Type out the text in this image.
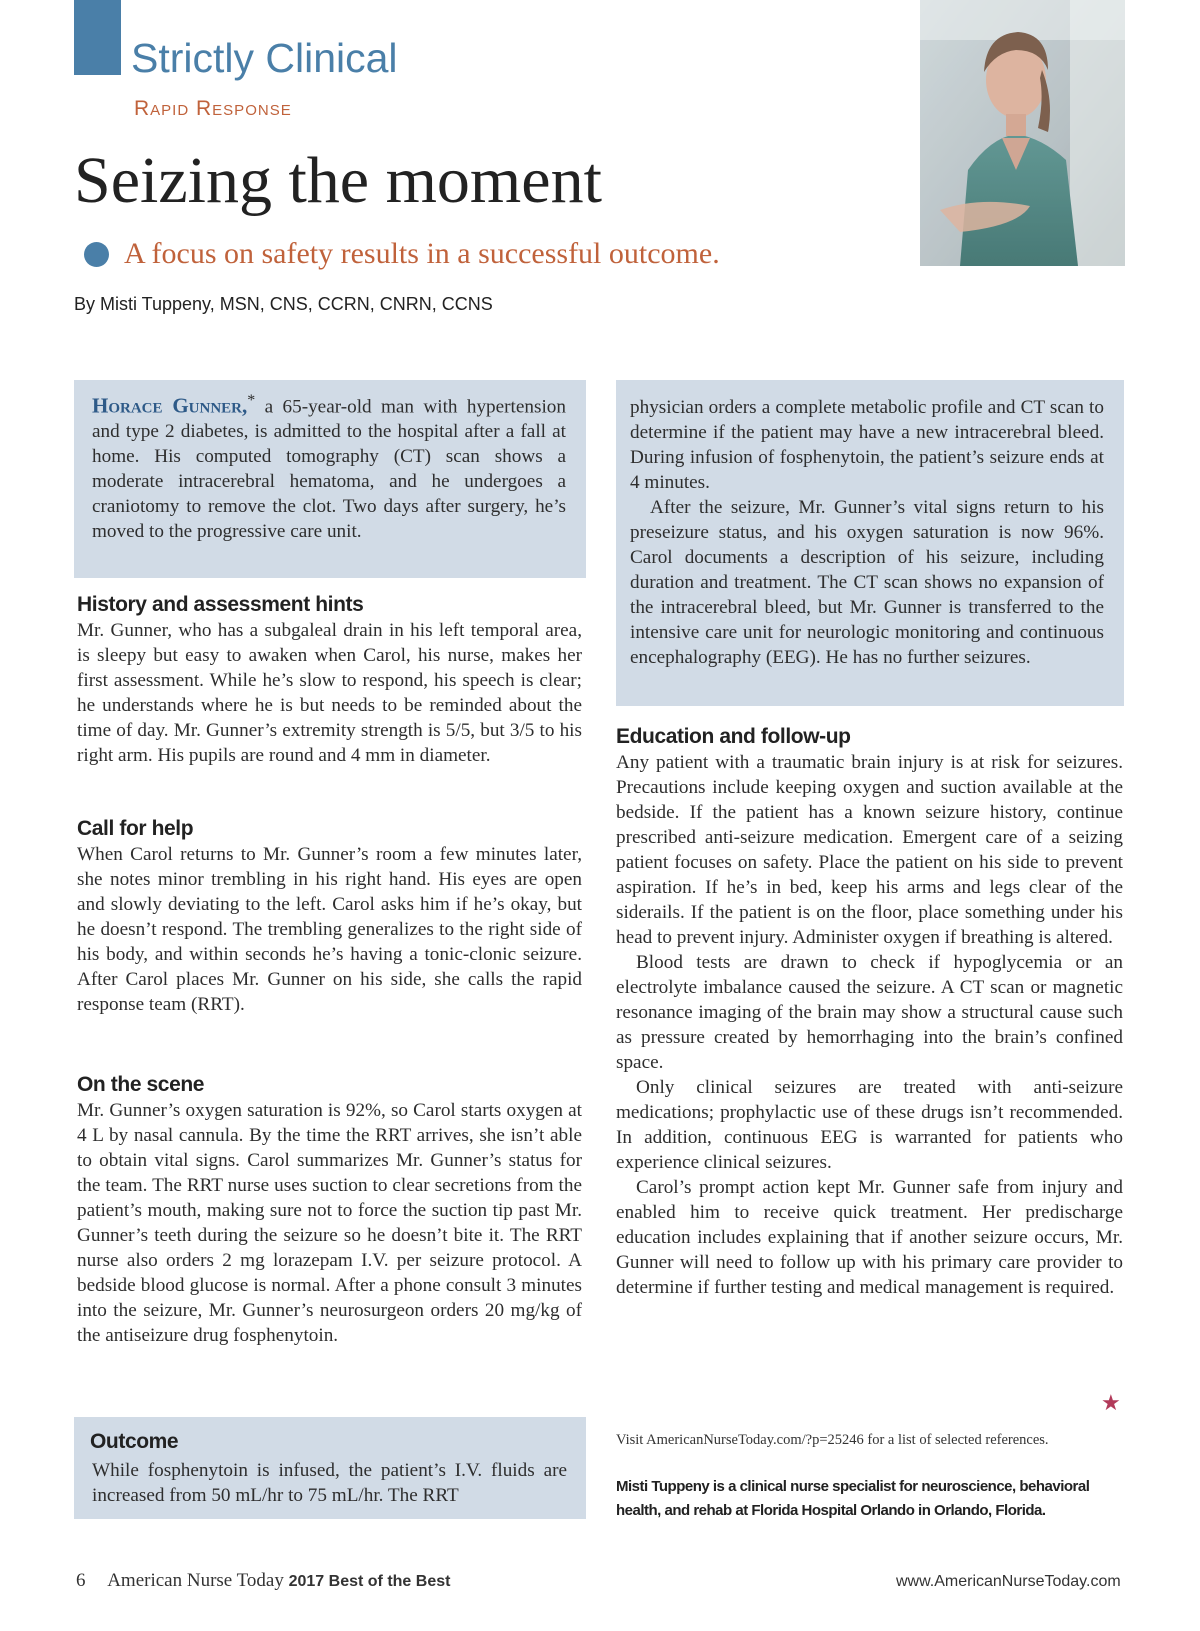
Strictly Clinical
Rapid Response
Seizing the moment
A focus on safety results in a successful outcome.
By Misti Tuppeny, MSN, CNS, CCRN, CNRN, CCNS

Horace Gunner,* a 65-year-old man with hypertension and type 2 diabetes, is admitted to the hospital after a fall at home. His computed tomography (CT) scan shows a moderate intracerebral hematoma, and he undergoes a craniotomy to remove the clot. Two days after surgery, he’s moved to the progressive care unit.

History and assessment hints

Mr. Gunner, who has a subgaleal drain in his left temporal area, is sleepy but easy to awaken when Carol, his nurse, makes her first assessment. While he’s slow to respond, his speech is clear; he understands where he is but needs to be reminded about the time of day. Mr. Gunner’s extremity strength is 5/5, but 3/5 to his right arm. His pupils are round and 4 mm in diameter.

Call for help

When Carol returns to Mr. Gunner’s room a few minutes later, she notes minor trembling in his right hand. His eyes are open and slowly deviating to the left. Carol asks him if he’s okay, but he doesn’t respond. The trembling generalizes to the right side of his body, and within seconds he’s having a tonic-clonic seizure. After Carol places Mr. Gunner on his side, she calls the rapid response team (RRT).

On the scene

Mr. Gunner’s oxygen saturation is 92%, so Carol starts oxygen at 4 L by nasal cannula. By the time the RRT arrives, she isn’t able to obtain vital signs. Carol summarizes Mr. Gunner’s status for the team. The RRT nurse uses suction to clear secretions from the patient’s mouth, making sure not to force the suction tip past Mr. Gunner’s teeth during the seizure so he doesn’t bite it. The RRT nurse also orders 2 mg lorazepam I.V. per seizure protocol. A bedside blood glucose is normal. After a phone consult 3 minutes into the seizure, Mr. Gunner’s neurosurgeon orders 20 mg/kg of the antiseizure drug fosphenytoin.

Outcome

While fosphenytoin is infused, the patient’s I.V. fluids are increased from 50 mL/hr to 75 mL/hr. The RRT

physician orders a complete metabolic profile and CT scan to determine if the patient may have a new intracerebral bleed. During infusion of fosphenytoin, the patient’s seizure ends at 4 minutes.

After the seizure, Mr. Gunner’s vital signs return to his preseizure status, and his oxygen saturation is now 96%. Carol documents a description of his seizure, including duration and treatment. The CT scan shows no expansion of the intracerebral bleed, but Mr. Gunner is transferred to the intensive care unit for neurologic monitoring and continuous encephalography (EEG). He has no further seizures.

Education and follow-up

Any patient with a traumatic brain injury is at risk for seizures. Precautions include keeping oxygen and suction available at the bedside. If the patient has a known seizure history, continue prescribed anti-seizure medication. Emergent care of a seizing patient focuses on safety. Place the patient on his side to prevent aspiration. If he’s in bed, keep his arms and legs clear of the siderails. If the patient is on the floor, place something under his head to prevent injury. Administer oxygen if breathing is altered.

Blood tests are drawn to check if hypoglycemia or an electrolyte imbalance caused the seizure. A CT scan or magnetic resonance imaging of the brain may show a structural cause such as pressure created by hemorrhaging into the brain’s confined space.

Only clinical seizures are treated with anti-seizure medications; prophylactic use of these drugs isn’t recommended. In addition, continuous EEG is warranted for patients who experience clinical seizures.

Carol’s prompt action kept Mr. Gunner safe from injury and enabled him to receive quick treatment. Her predischarge education includes explaining that if another seizure occurs, Mr. Gunner will need to follow up with his primary care provider to determine if further testing and medical management is required.

★
Visit AmericanNurseToday.com/?p=25246 for a list of selected references.
Misti Tuppeny is a clinical nurse specialist for neuroscience, behavioral health, and rehab at Florida Hospital Orlando in Orlando, Florida.
6 American Nurse Today 2017 Best of the Best	www.AmericanNurseToday.com
